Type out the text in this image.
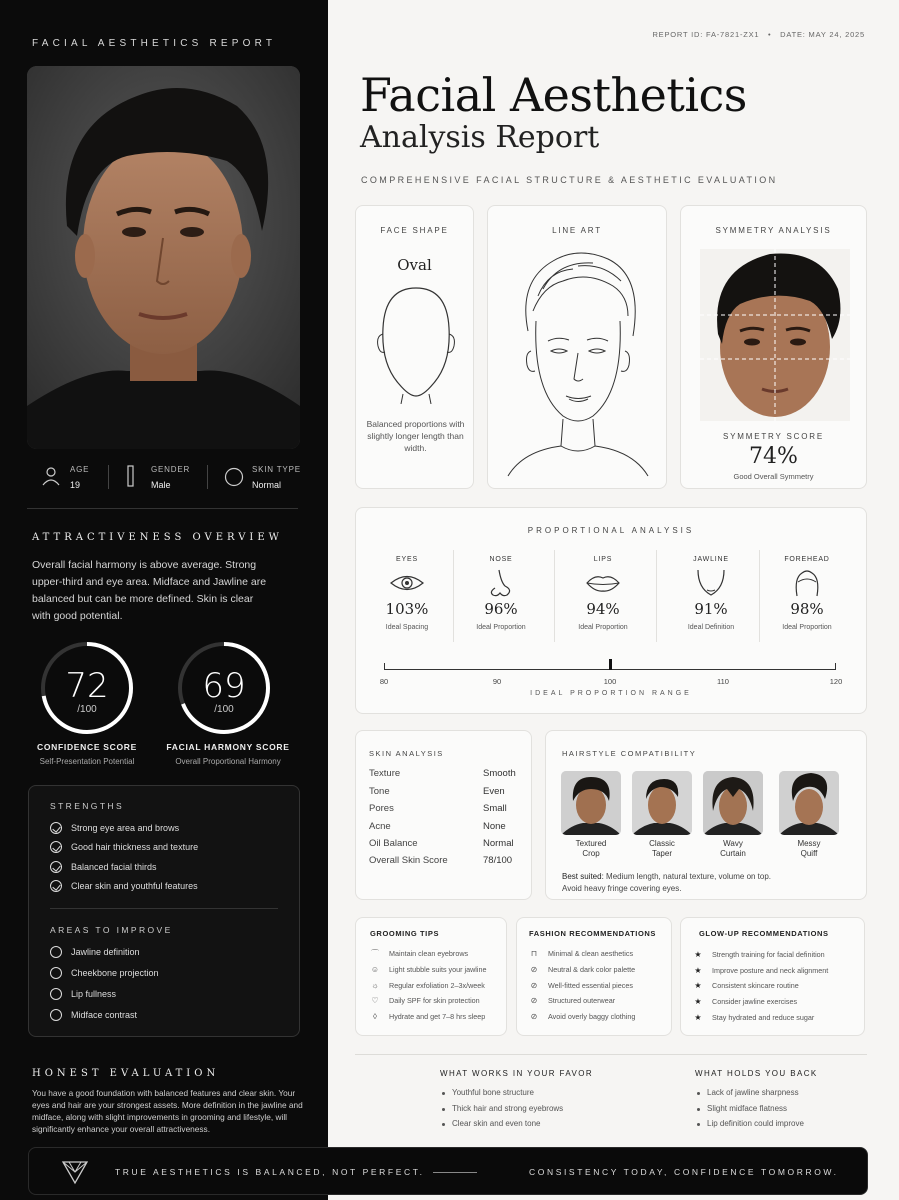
FACIAL AESTHETICS REPORT
AGE
19
GENDER
Male
SKIN TYPE
Normal
ATTRACTIVENESS OVERVIEW
Overall facial harmony is above average. Strong upper-third and eye area. Midface and Jawline are balanced but can be more defined. Skin is clear with good potential.
72
/100
CONFIDENCE SCORE
Self-Presentation Potential
69
/100
FACIAL HARMONY SCORE
Overall Proportional Harmony
STRENGTHS
Strong eye area and brows
Good hair thickness and texture
Balanced facial thirds
Clear skin and youthful features
AREAS TO IMPROVE
Jawline definition
Cheekbone projection
Lip fullness
Midface contrast
HONEST EVALUATION
You have a good foundation with balanced features and clear skin. Your eyes and hair are your strongest assets. More definition in the jawline and midface, along with slight improvements in grooming and lifestyle, will significantly enhance your overall attractiveness.
REPORT ID: FA-7821-ZX1 • DATE: MAY 24, 2025
Facial Aesthetics
Analysis Report
COMPREHENSIVE FACIAL STRUCTURE & AESTHETIC EVALUATION
FACE SHAPE
Oval
Balanced proportions with slightly longer length than width.
LINE ART	SYMMETRY ANALYSIS
SYMMETRY SCORE
74%
Good Overall Symmetry
PROPORTIONAL ANALYSIS
EYES
103%
Ideal Spacing
NOSE
96%
Ideal Proportion
LIPS
94%
Ideal Proportion
JAWLINE
91%
Ideal Definition
FOREHEAD
98%
Ideal Proportion
IDEAL PROPORTION RANGE
80	90	100	110	120
SKIN ANALYSIS
Texture	Smooth
Tone	Even
Pores	Small
Acne	None
Oil Balance	Normal
Overall Skin Score	78/100
HAIRSTYLE COMPATIBILITY
Textured
Crop
Classic
Taper
Wavy
Curtain
Messy
Quiff
Best suited: Medium length, natural texture, volume on top.
Avoid heavy fringe covering eyes.
GROOMING TIPS
⌒ Maintain clean eyebrows
☺ Light stubble suits your jawline
☼ Regular exfoliation 2–3x/week
♡ Daily SPF for skin protection
◊	Hydrate and get 7–8 hrs sleep
FASHION RECOMMENDATIONS
⊓ Minimal & clean aesthetics
⊘ Neutral & dark color palette
⊘ Well-fitted essential pieces
⊘ Structured outerwear
⊘ Avoid overly baggy clothing
GLOW-UP RECOMMENDATIONS
★ Strength training for facial definition
★ Improve posture and neck alignment
★ Consistent skincare routine
★ Consider jawline exercises
★ Stay hydrated and reduce sugar
WHAT WORKS IN YOUR FAVOR
Youthful bone structure
Thick hair and strong eyebrows
Clear skin and even tone
WHAT HOLDS YOU BACK
Lack of jawline sharpness
Slight midface flatness
Lip definition could improve
TRUE AESTHETICS IS BALANCED, NOT PERFECT.	CONSISTENCY TODAY, CONFIDENCE TOMORROW.
